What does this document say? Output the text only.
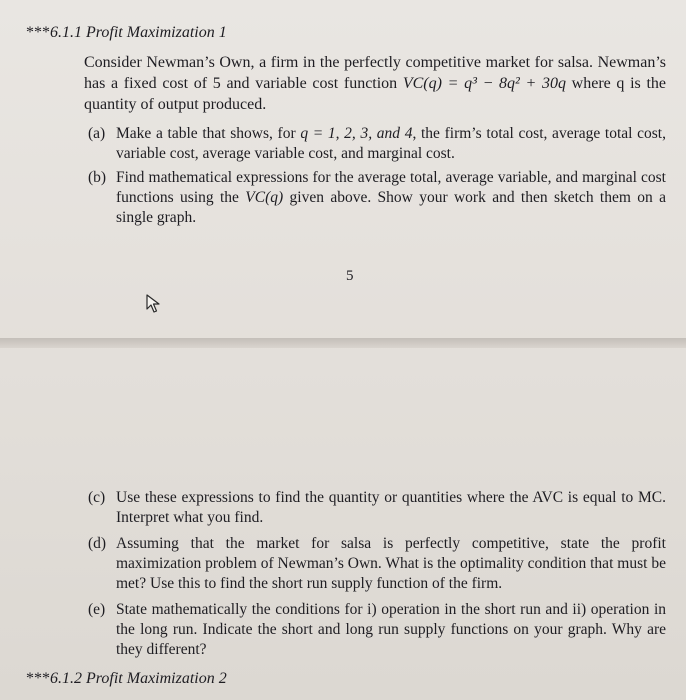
***6.1.1 Profit Maximization 1
Consider Newman’s Own, a firm in the perfectly competitive market for salsa. Newman’s has a fixed cost of 5 and variable cost function VC(q) = q³ − 8q² + 30q where q is the quantity of output produced.
(a) Make a table that shows, for q = 1, 2, 3, and 4, the firm’s total cost, average total cost, variable cost, average variable cost, and marginal cost.
(b) Find mathematical expressions for the average total, average variable, and marginal cost functions using the VC(q) given above. Show your work and then sketch them on a single graph.
5
(c) Use these expressions to find the quantity or quantities where the AVC is equal to MC. Interpret what you find.
(d) Assuming that the market for salsa is perfectly competitive, state the profit maximization problem of Newman’s Own. What is the optimality condition that must be met? Use this to find the short run supply function of the firm.
(e) State mathematically the conditions for i) operation in the short run and ii) operation in the long run. Indicate the short and long run supply functions on your graph. Why are they different?
***6.1.2 Profit Maximization 2
